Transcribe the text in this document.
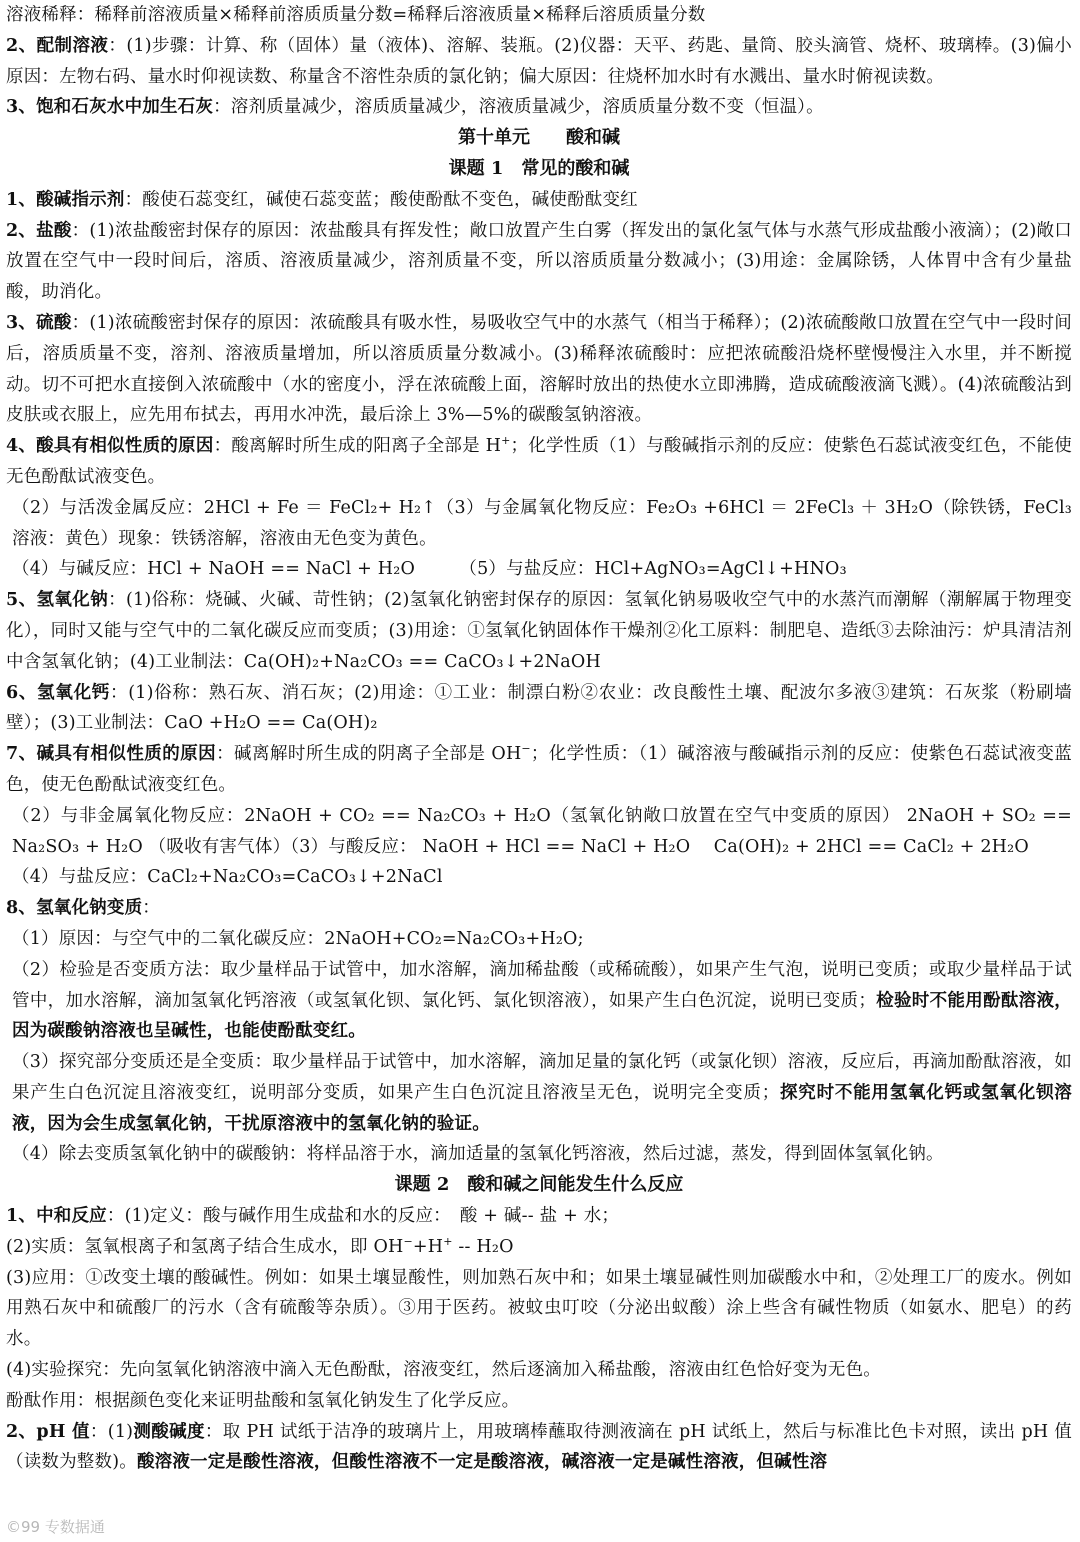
溶液稀释：稀释前溶液质量×稀释前溶质质量分数=稀释后溶液质量×稀释后溶质质量分数

2、配制溶液：(1)步骤：计算、称（固体）量（液体)、溶解、装瓶。(2)仪器：天平、药匙、量筒、胶头滴管、烧杯、玻璃棒。(3)偏小原因：左物右码、量水时仰视读数、称量含不溶性杂质的氯化钠；偏大原因：往烧杯加水时有水溅出、量水时俯视读数。

3、饱和石灰水中加生石灰：溶剂质量减少，溶质质量减少，溶液质量减少，溶质质量分数不变（恒温）。

第十单元　　酸和碱

课题 1　常见的酸和碱

1、酸碱指示剂：酸使石蕊变红，碱使石蕊变蓝；酸使酚酞不变色，碱使酚酞变红

2、盐酸：(1)浓盐酸密封保存的原因：浓盐酸具有挥发性；敞口放置产生白雾（挥发出的氯化氢气体与水蒸气形成盐酸小液滴）；(2)敞口放置在空气中一段时间后，溶质、溶液质量减少，溶剂质量不变，所以溶质质量分数减小；(3)用途：金属除锈，人体胃中含有少量盐酸，助消化。

3、硫酸：(1)浓硫酸密封保存的原因：浓硫酸具有吸水性，易吸收空气中的水蒸气（相当于稀释）；(2)浓硫酸敞口放置在空气中一段时间后，溶质质量不变，溶剂、溶液质量增加，所以溶质质量分数减小。(3)稀释浓硫酸时：应把浓硫酸沿烧杯壁慢慢注入水里，并不断搅动。切不可把水直接倒入浓硫酸中（水的密度小，浮在浓硫酸上面，溶解时放出的热使水立即沸腾，造成硫酸液滴飞溅）。(4)浓硫酸沾到皮肤或衣服上，应先用布拭去，再用水冲洗，最后涂上 3%—5%的碳酸氢钠溶液。

4、酸具有相似性质的原因：酸离解时所生成的阳离子全部是 H+；化学性质（1）与酸碱指示剂的反应：使紫色石蕊试液变红色，不能使无色酚酞试液变色。

（2）与活泼金属反应：2HCl + Fe ＝ FeCl₂+ H₂↑（3）与金属氧化物反应：Fe₂O₃ +6HCl ＝ 2FeCl₃ ＋ 3H₂O（除铁锈，FeCl₃溶液：黄色）现象：铁锈溶解，溶液由无色变为黄色。

（4）与碱反应：HCl + NaOH == NaCl + H₂O　　　（5）与盐反应：HCl+AgNO₃=AgCl↓+HNO₃

5、氢氧化钠：(1)俗称：烧碱、火碱、苛性钠；(2)氢氧化钠密封保存的原因：氢氧化钠易吸收空气中的水蒸汽而潮解（潮解属于物理变化），同时又能与空气中的二氧化碳反应而变质；(3)用途：①氢氧化钠固体作干燥剂②化工原料：制肥皂、造纸③去除油污：炉具清洁剂中含氢氧化钠；(4)工业制法：Ca(OH)₂+Na₂CO₃ == CaCO₃↓+2NaOH

6、氢氧化钙：(1)俗称：熟石灰、消石灰；(2)用途：①工业：制漂白粉②农业：改良酸性土壤、配波尔多液③建筑：石灰浆（粉刷墙壁）；(3)工业制法：CaO +H₂O == Ca(OH)₂

7、碱具有相似性质的原因：碱离解时所生成的阴离子全部是 OH−；化学性质：（1）碱溶液与酸碱指示剂的反应：使紫色石蕊试液变蓝色，使无色酚酞试液变红色。

（2）与非金属氧化物反应：2NaOH + CO₂ == Na₂CO₃ + H₂O（氢氧化钠敞口放置在空气中变质的原因） 2NaOH + SO₂ == Na₂SO₃ + H₂O （吸收有害气体）（3）与酸反应： NaOH + HCl == NaCl + H₂O　 Ca(OH)₂ + 2HCl == CaCl₂ + 2H₂O

（4）与盐反应：CaCl₂+Na₂CO₃=CaCO₃↓+2NaCl

8、氢氧化钠变质：

（1）原因：与空气中的二氧化碳反应：2NaOH+CO₂=Na₂CO₃+H₂O;

（2）检验是否变质方法：取少量样品于试管中，加水溶解，滴加稀盐酸（或稀硫酸），如果产生气泡，说明已变质；或取少量样品于试管中，加水溶解，滴加氢氧化钙溶液（或氢氧化钡、氯化钙、氯化钡溶液），如果产生白色沉淀，说明已变质；检验时不能用酚酞溶液，因为碳酸钠溶液也呈碱性，也能使酚酞变红。

（3）探究部分变质还是全变质：取少量样品于试管中，加水溶解，滴加足量的氯化钙（或氯化钡）溶液，反应后，再滴加酚酞溶液，如果产生白色沉淀且溶液变红，说明部分变质，如果产生白色沉淀且溶液呈无色，说明完全变质；探究时不能用氢氧化钙或氢氧化钡溶液，因为会生成氢氧化钠，干扰原溶液中的氢氧化钠的验证。

（4）除去变质氢氧化钠中的碳酸钠：将样品溶于水，滴加适量的氢氧化钙溶液，然后过滤，蒸发，得到固体氢氧化钠。

课题 2　酸和碱之间能发生什么反应

1、中和反应：(1)定义：酸与碱作用生成盐和水的反应：　酸 + 碱-- 盐 + 水；

(2)实质：氢氧根离子和氢离子结合生成水，即 OH−+H+ -- H₂O

(3)应用：①改变土壤的酸碱性。例如：如果土壤显酸性，则加熟石灰中和；如果土壤显碱性则加碳酸水中和，②处理工厂的废水。例如用熟石灰中和硫酸厂的污水（含有硫酸等杂质）。③用于医药。被蚊虫叮咬（分泌出蚁酸）涂上些含有碱性物质（如氨水、肥皂）的药水。

(4)实验探究：先向氢氧化钠溶液中滴入无色酚酞，溶液变红，然后逐滴加入稀盐酸，溶液由红色恰好变为无色。

酚酞作用：根据颜色变化来证明盐酸和氢氧化钠发生了化学反应。

2、pH 值：(1)测酸碱度：取 PH 试纸于洁净的玻璃片上，用玻璃棒蘸取待测液滴在 pH 试纸上，然后与标准比色卡对照，读出 pH 值（读数为整数)。酸溶液一定是酸性溶液，但酸性溶液不一定是酸溶液，碱溶液一定是碱性溶液，但碱性溶

©99 专数据通
